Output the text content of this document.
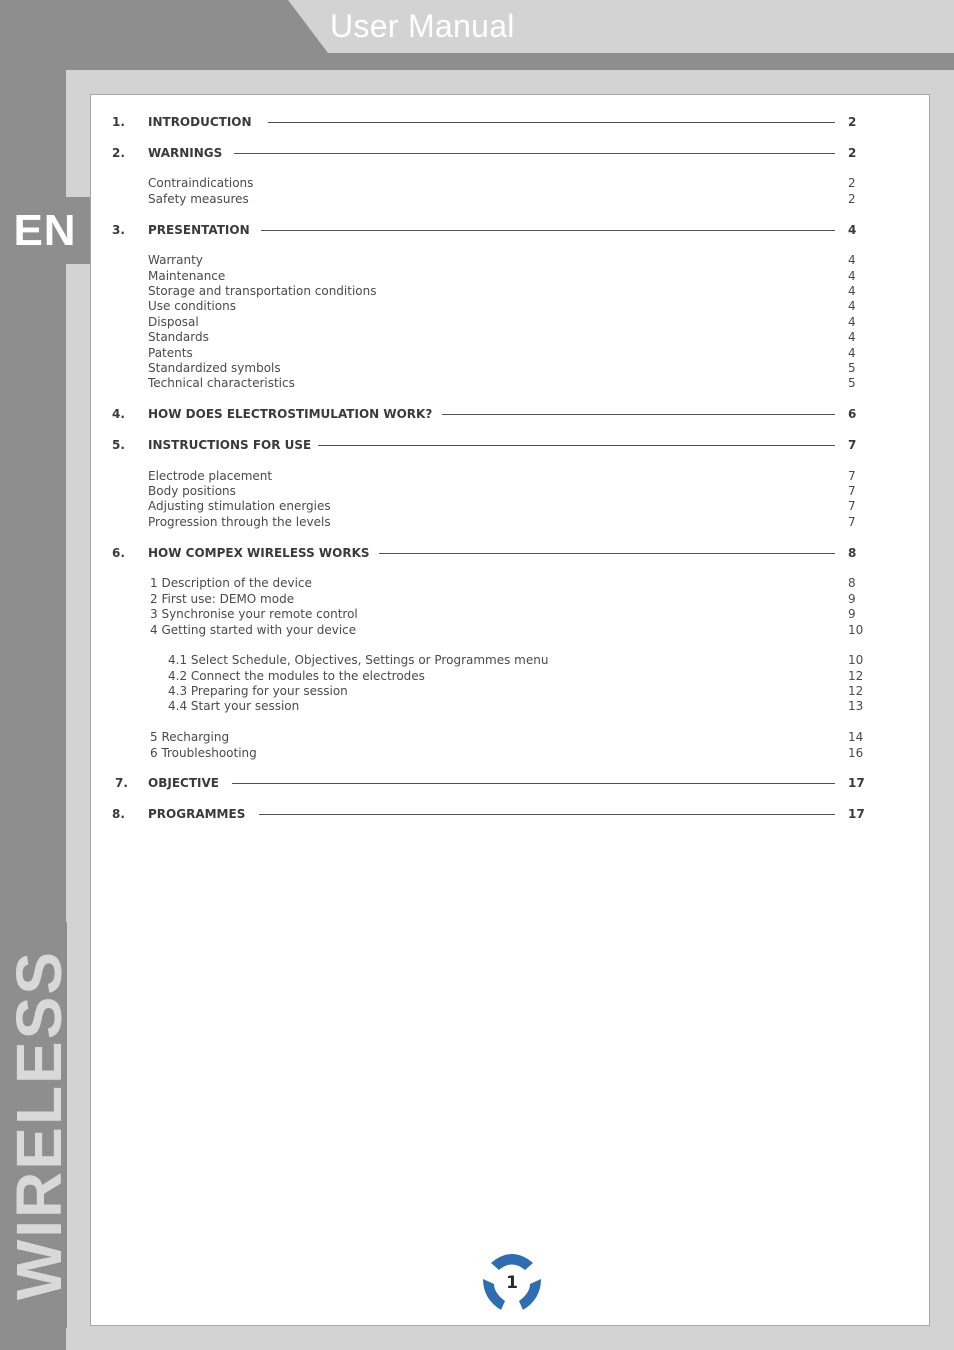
User Manual
EN
WIRELESS
1. INTRODUCTION	2
2. WARNINGS	2
Contraindications	2
Safety measures	2
3. PRESENTATION	4
Warranty	4
Maintenance	4
Storage and transportation conditions	4
Use conditions	4
Disposal	4
Standards	4
Patents	4
Standardized symbols	5
Technical characteristics	5
4. HOW DOES ELECTROSTIMULATION WORK?	6
5. INSTRUCTIONS FOR USE	7
Electrode placement	7
Body positions	7
Adjusting stimulation energies	7
Progression through the levels	7
6. HOW COMPEX WIRELESS WORKS	8
1 Description of the device	8
2 First use: DEMO mode	9
3 Synchronise your remote control	9
4 Getting started with your device	10
4.1 Select Schedule, Objectives, Settings or Programmes menu	10
4.2 Connect the modules to the electrodes	12
4.3 Preparing for your session	12
4.4 Start your session	13
5 Recharging	14
6 Troubleshooting	16
7. OBJECTIVE	17
8. PROGRAMMES	17
1
